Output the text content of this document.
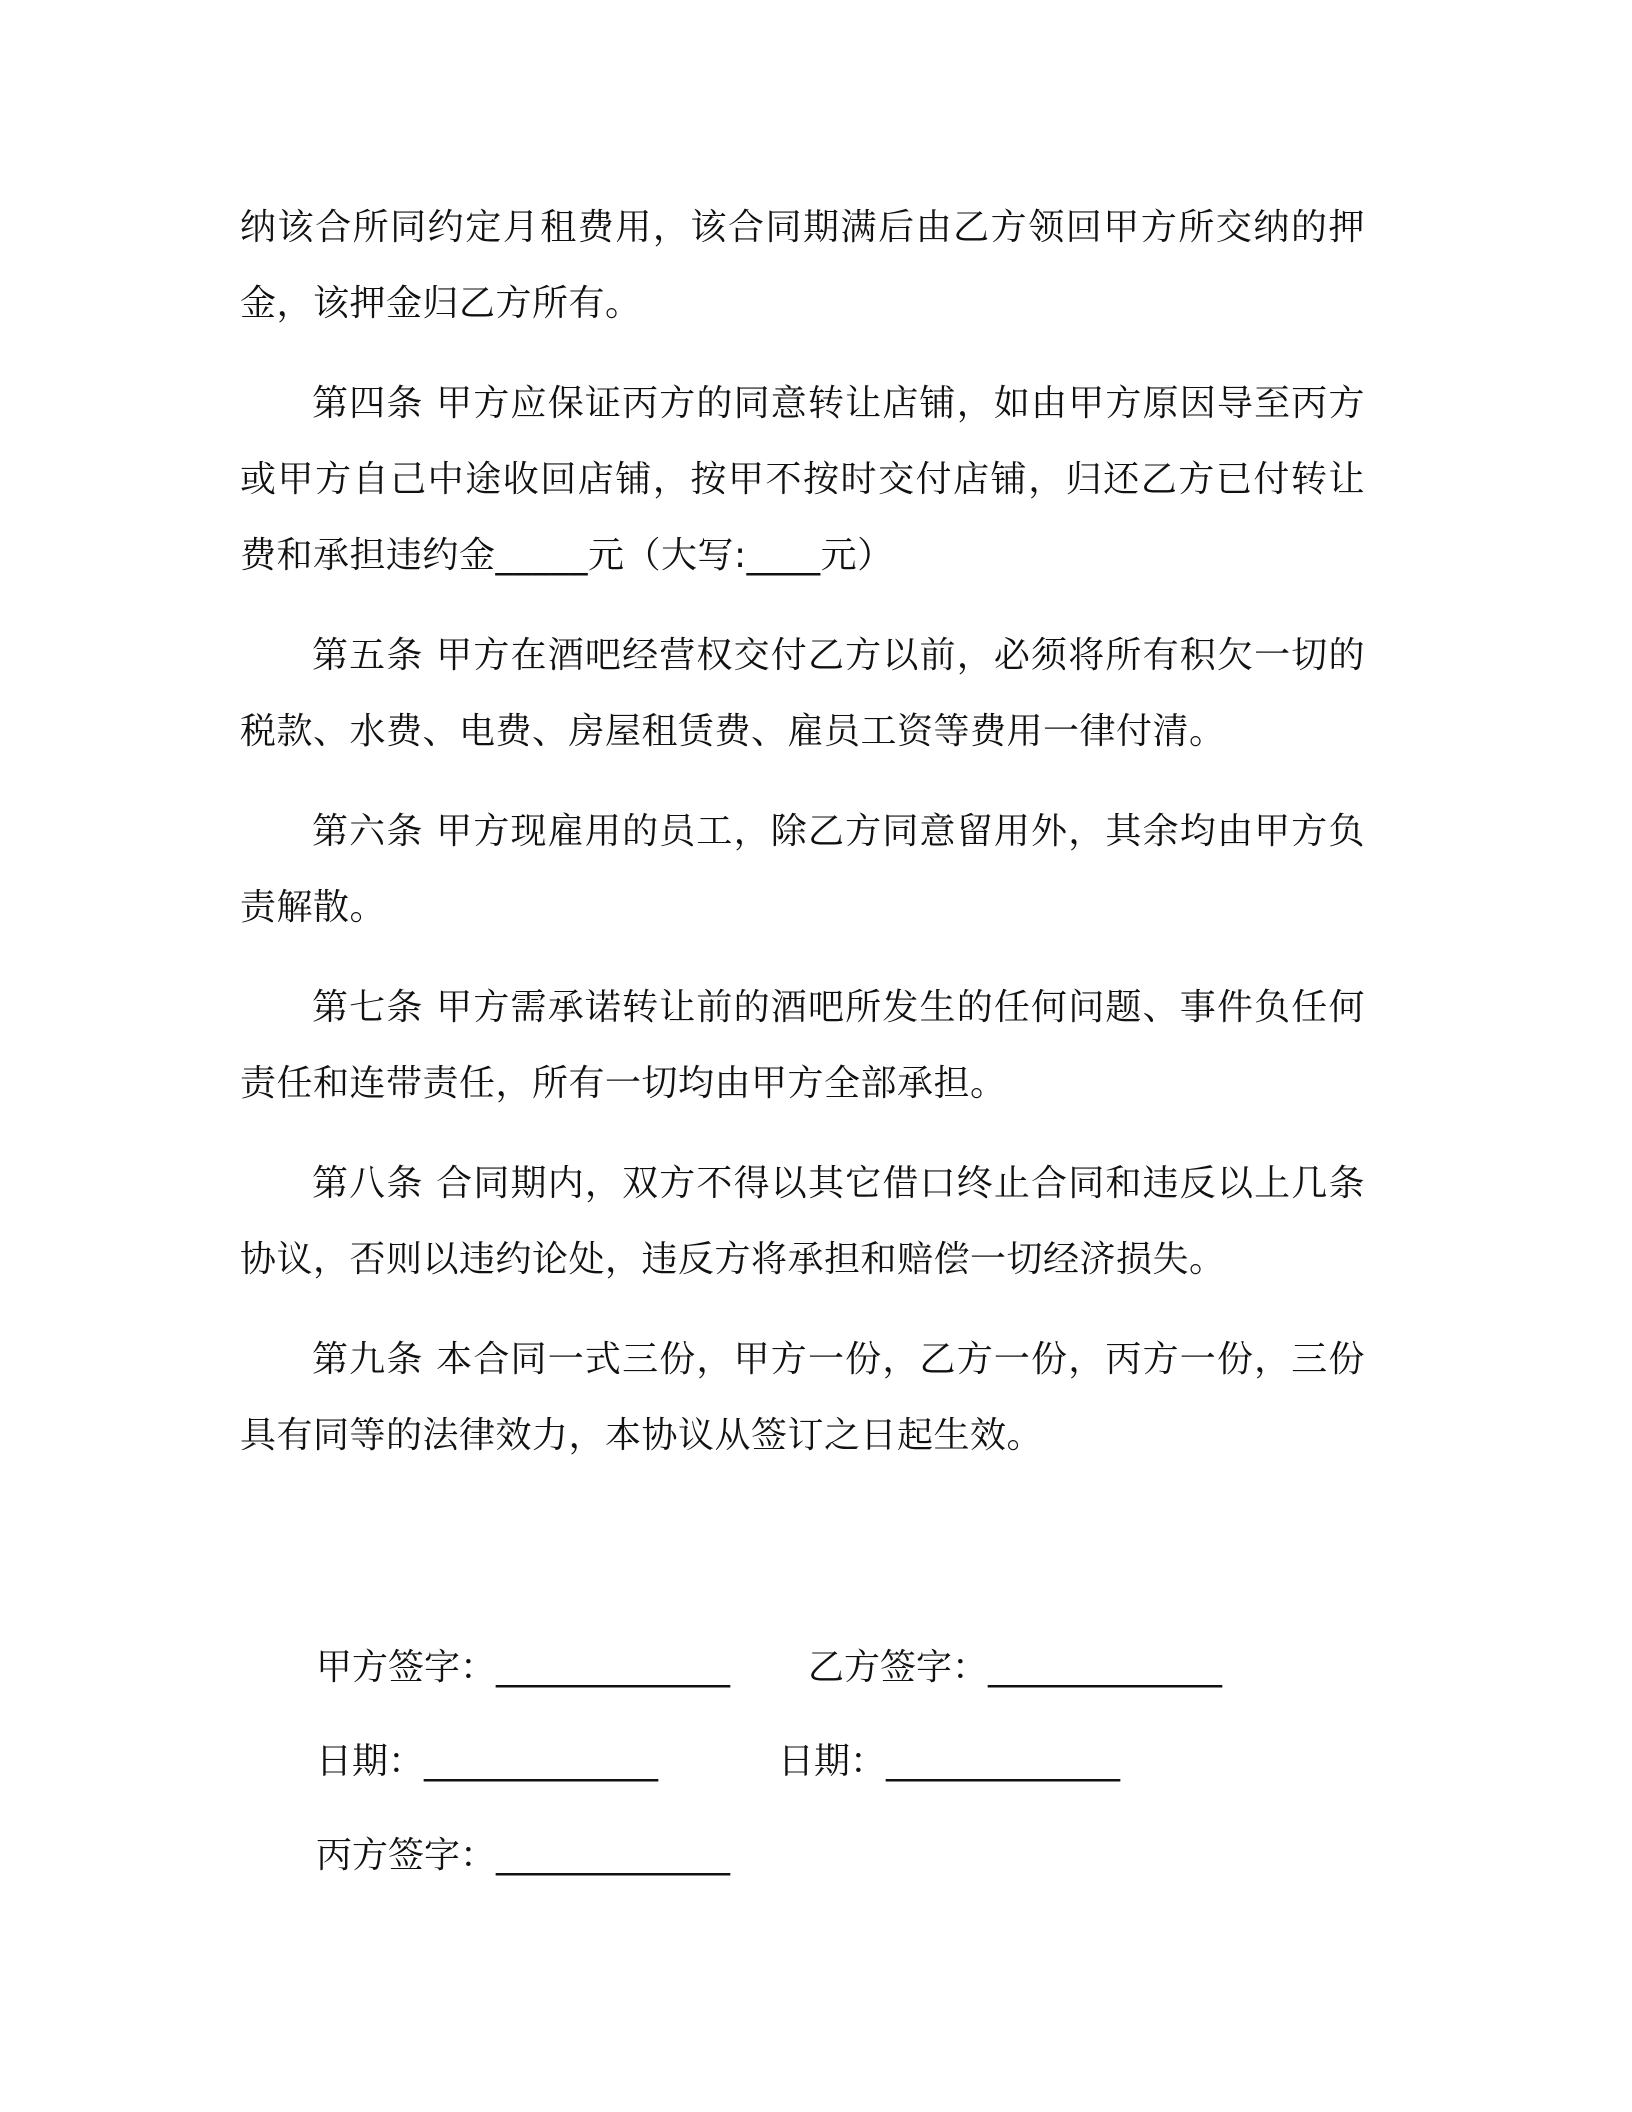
纳该合所同约定月租费用，该合同期满后由乙方领回甲方所交纳的押金，该押金归乙方所有。

第四条 甲方应保证丙方的同意转让店铺，如由甲方原因导至丙方或甲方自己中途收回店铺，按甲不按时交付店铺，归还乙方已付转让费和承担违约金_____元（大写:____元）

第五条 甲方在酒吧经营权交付乙方以前，必须将所有积欠一切的税款、水费、电费、房屋租赁费、雇员工资等费用一律付清。

第六条 甲方现雇用的员工，除乙方同意留用外，其余均由甲方负责解散。

第七条 甲方需承诺转让前的酒吧所发生的任何问题、事件负任何责任和连带责任，所有一切均由甲方全部承担。

第八条 合同期内，双方不得以其它借口终止合同和违反以上几条协议，否则以违约论处，违反方将承担和赔偿一切经济损失。

第九条 本合同一式三份，甲方一份，乙方一份，丙方一份，三份具有同等的法律效力，本协议从签订之日起生效。

甲方签字：_____________ 乙方签字：_____________
日期：_____________	日期：_____________
丙方签字：_____________
